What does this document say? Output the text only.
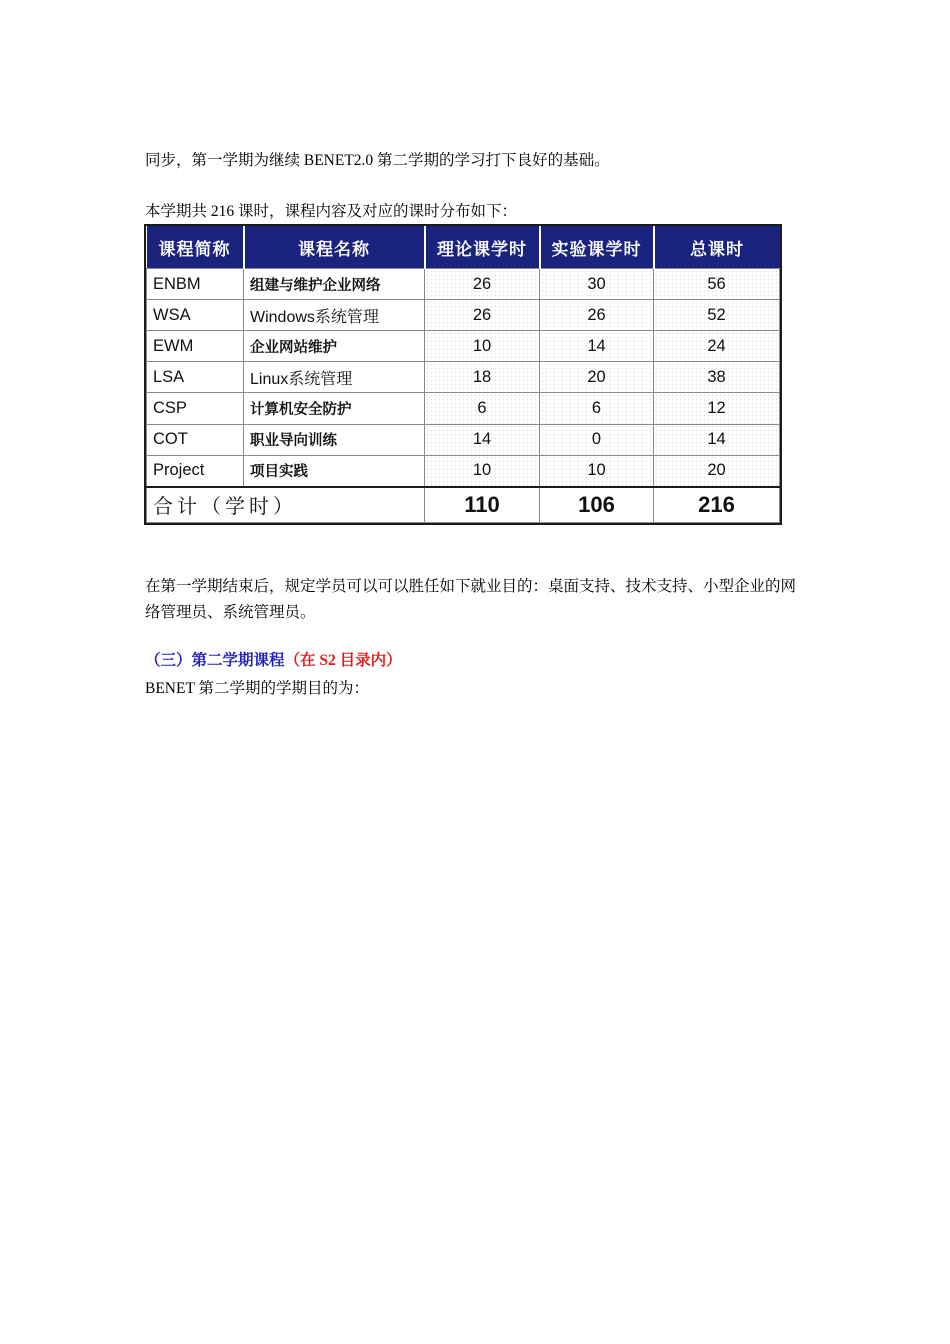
同步，第一学期为继续 BENET2.0 第二学期的学习打下良好的基础。

本学期共 216 课时，课程内容及对应的课时分布如下：

课程简称	课程名称	理论课学时	实验课学时	总课时
ENBM	组建与维护企业网络	26	30	56
WSA	Windows系统管理	26	26	52
EWM	企业网站维护	10	14	24
LSA	Linux系统管理	18	20	38
CSP	计算机安全防护	6	6	12
COT	职业导向训练	14	0	14
Project	项目实践	10	10	20
合计（学时）		110	106	216

在第一学期结束后，规定学员可以可以胜任如下就业目的：桌面支持、技术支持、小型企业的网络管理员、系统管理员。

（三）第二学期课程（在 S2 目录内）

BENET 第二学期的学期目的为：
